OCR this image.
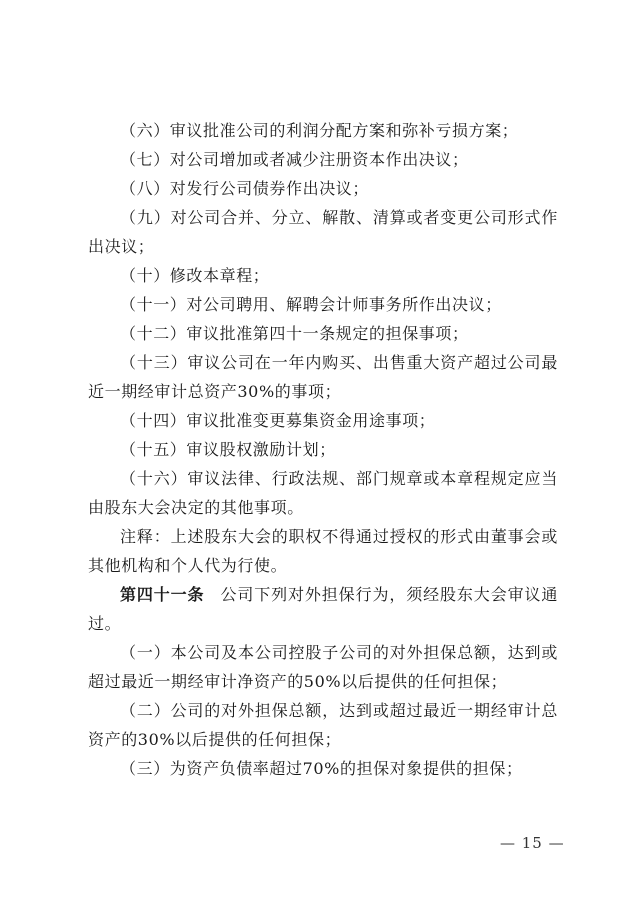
（六）审议批准公司的利润分配方案和弥补亏损方案；

（七）对公司增加或者减少注册资本作出决议；

（八）对发行公司债券作出决议；

（九）对公司合并、分立、解散、清算或者变更公司形式作出决议；

（十）修改本章程；

（十一）对公司聘用、解聘会计师事务所作出决议；

（十二）审议批准第四十一条规定的担保事项；

（十三）审议公司在一年内购买、出售重大资产超过公司最近一期经审计总资产30%的事项；

（十四）审议批准变更募集资金用途事项；

（十五）审议股权激励计划；

（十六）审议法律、行政法规、部门规章或本章程规定应当由股东大会决定的其他事项。

注释：上述股东大会的职权不得通过授权的形式由董事会或其他机构和个人代为行使。

第四十一条 公司下列对外担保行为，须经股东大会审议通过。

（一）本公司及本公司控股子公司的对外担保总额，达到或超过最近一期经审计净资产的50%以后提供的任何担保；

（二）公司的对外担保总额，达到或超过最近一期经审计总资产的30%以后提供的任何担保；

（三）为资产负债率超过70%的担保对象提供的担保；

— 15 —
